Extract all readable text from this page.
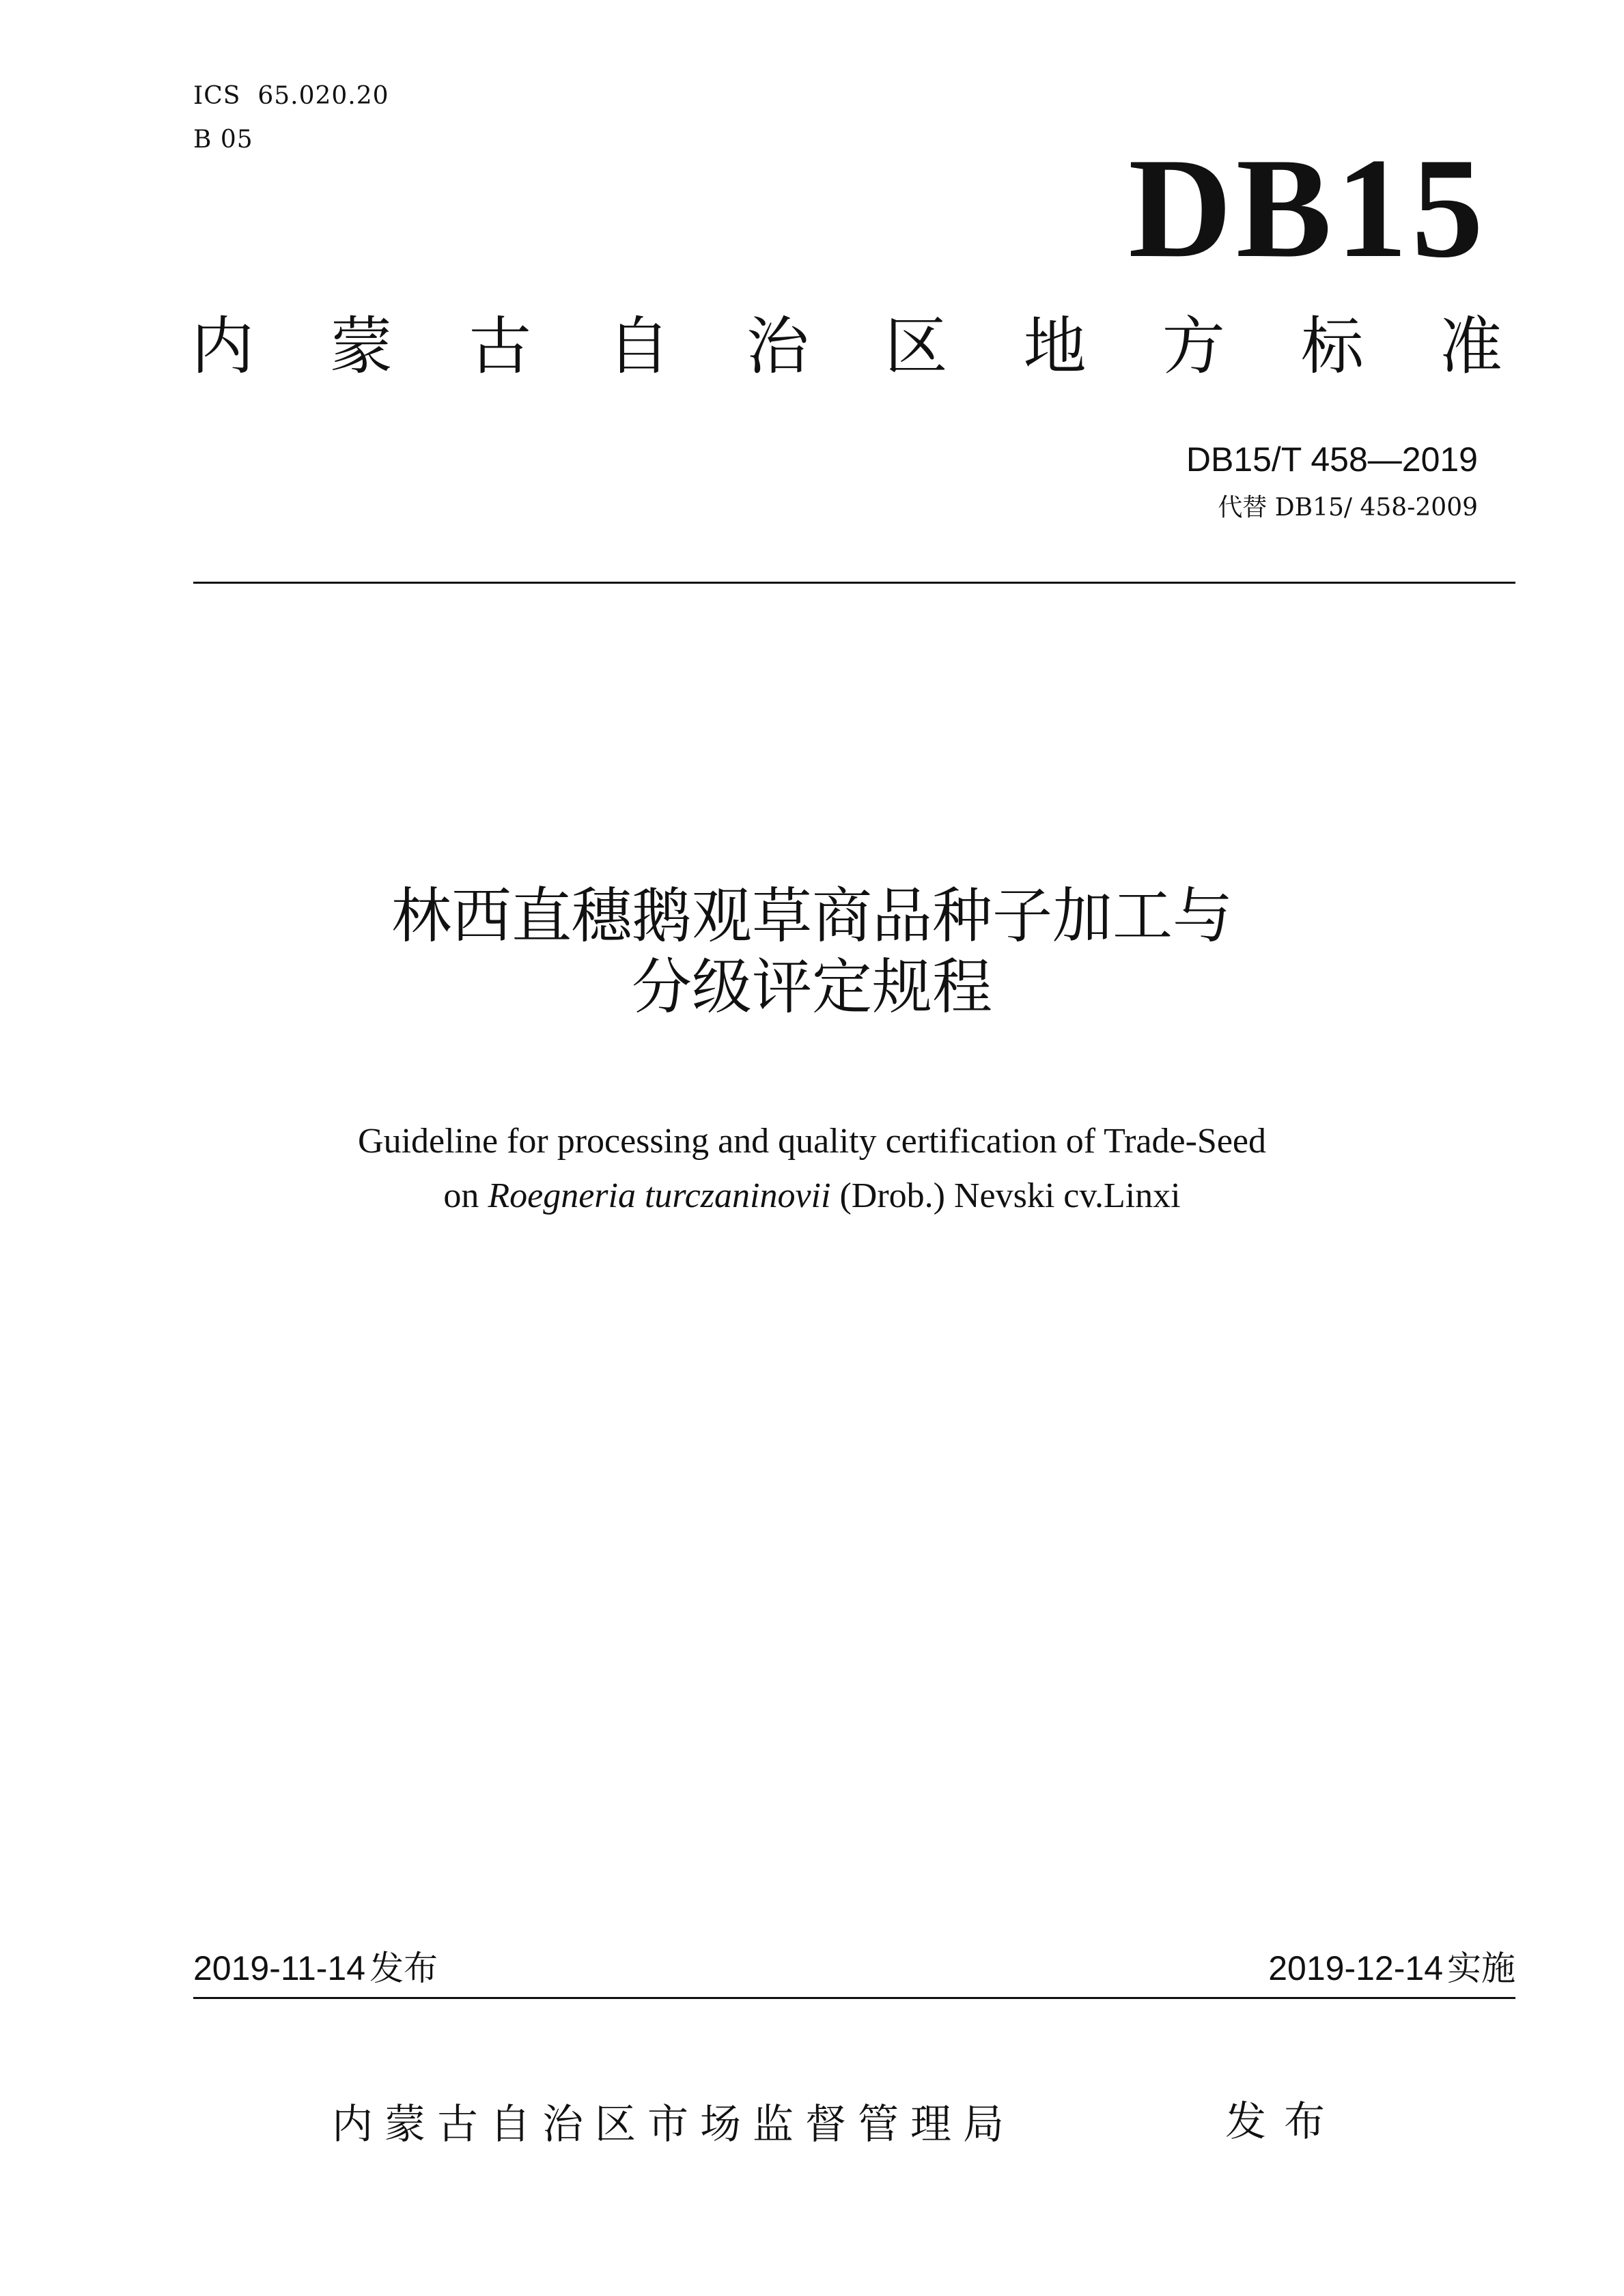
ICS  65.020.20
B 05	DB15
内 蒙 古 自 治 区 地 方 标 准
DB15/T 458—2019
代替 DB15/ 458-2009
林西直穗鹅观草商品种子加工与
分级评定规程
Guideline for processing and quality certification of Trade-Seed
on Roegneria turczaninovii (Drob.) Nevski cv.Linxi
2019-11-14 发布	2019-12-14 实施
内蒙古自治区市场监督管理局	发布
